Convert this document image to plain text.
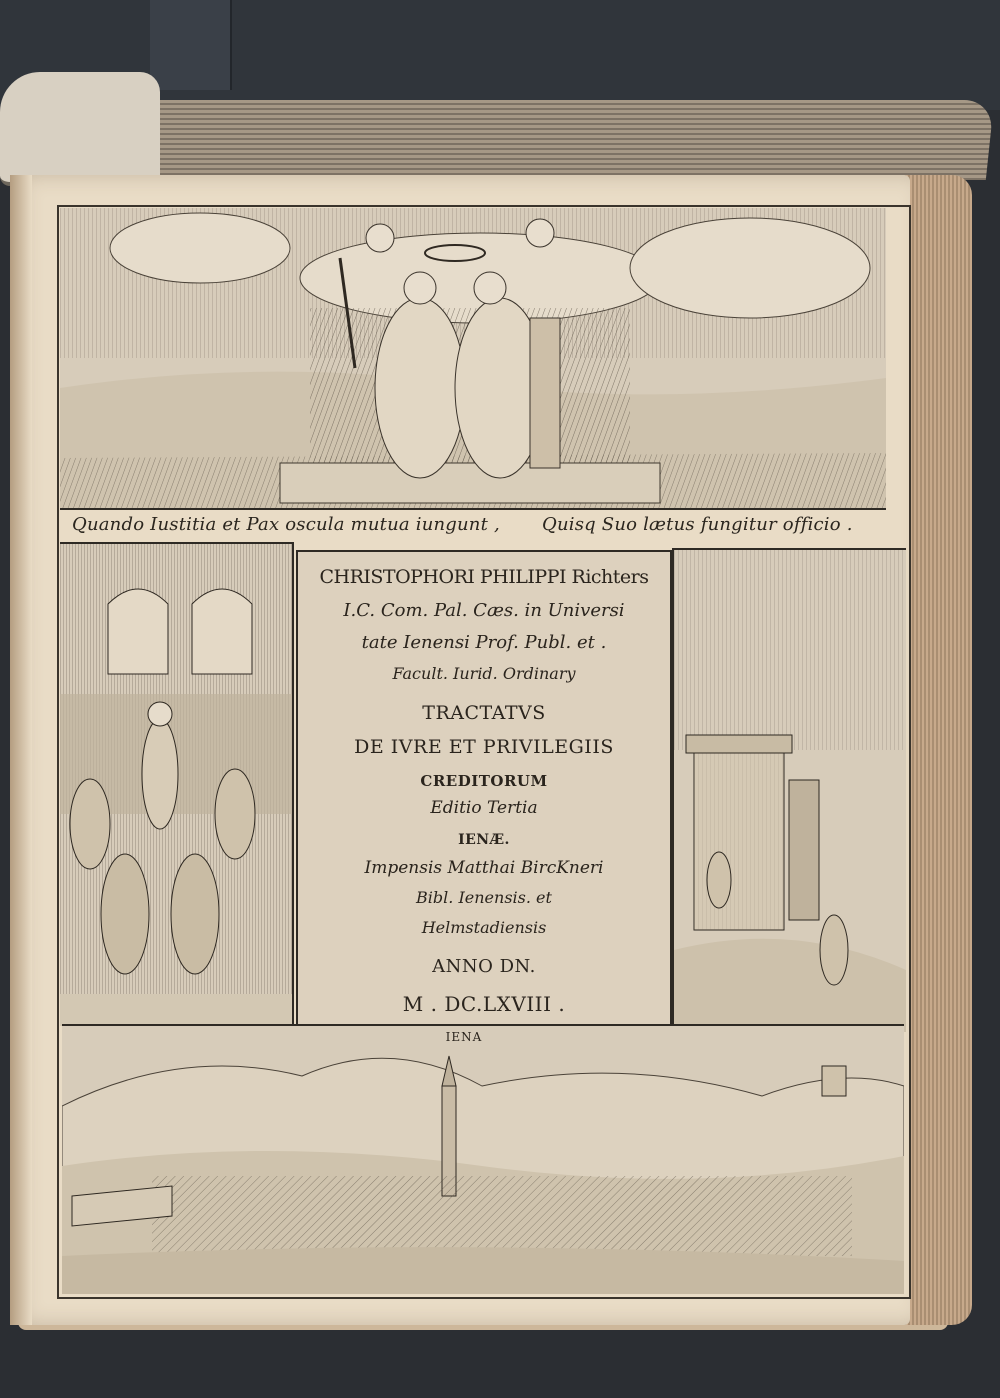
Quando Iustitia et Pax oscula mutua iungunt , Quisq Suo lætus fungitur officio .
CHRISTOPHORI PHILIPPI Richters
I.C. Com. Pal. Cæs. in Universi
tate Ienensi Prof. Publ. et .
Facult. Iurid. Ordinary
TRACTATVS
DE IVRE ET PRIVILEGIIS
CREDITORUM
Editio Tertia
IENÆ.
Impensis Matthai BircKneri
Bibl. Ienensis. et
Helmstadiensis
ANNO DN.
M . DC.LXVIII .
IENA
